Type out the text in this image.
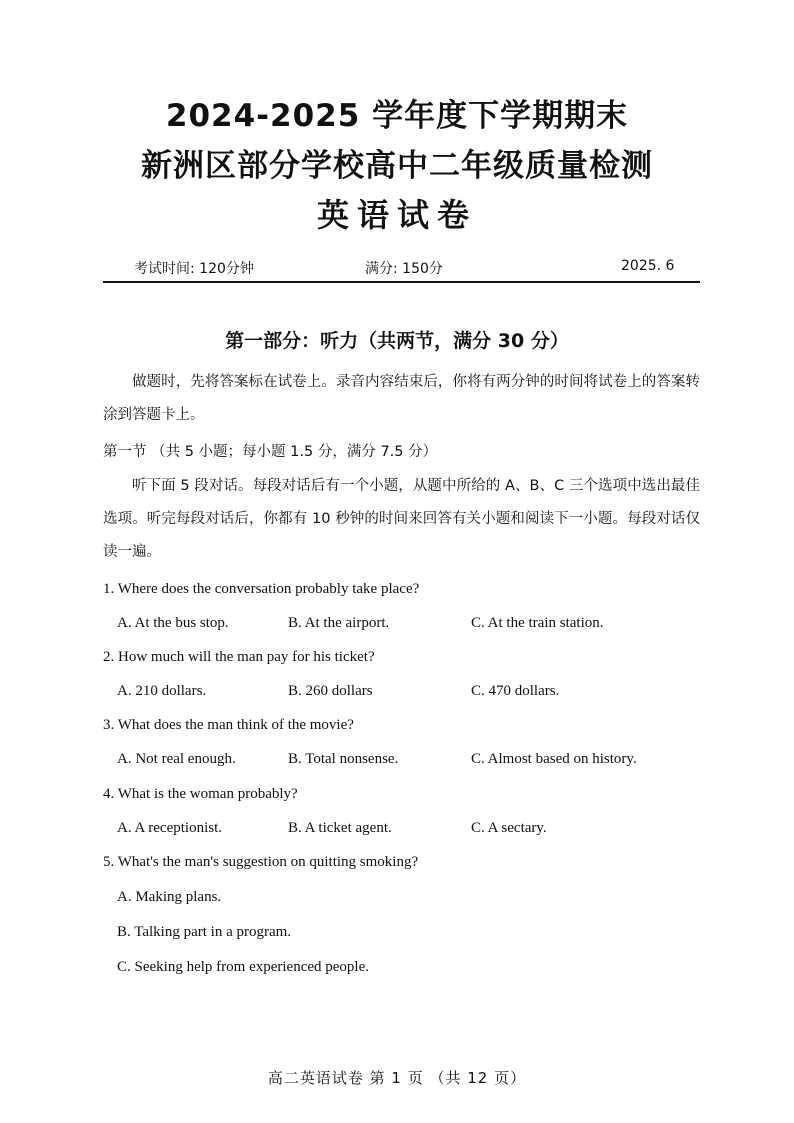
2024-2025 学年度下学期期末
新洲区部分学校高中二年级质量检测
英语试卷
考试时间: 120分钟	满分: 150分	2025. 6
第一部分：听力（共两节，满分 30 分）
做题时，先将答案标在试卷上。录音内容结束后，你将有两分钟的时间将试卷上的答案转涂到答题卡上。
第一节 （共 5 小题；每小题 1.5 分，满分 7.5 分）
听下面 5 段对话。每段对话后有一个小题，从题中所给的 A、B、C 三个选项中选出最佳选项。听完每段对话后，你都有 10 秒钟的时间来回答有关小题和阅读下一小题。每段对话仅读一遍。
1. Where does the conversation probably take place?
A. At the bus stop.	B. At the airport.	C. At the train station.
2. How much will the man pay for his ticket?
A. 210 dollars.	B. 260 dollars	C. 470 dollars.
3. What does the man think of the movie?
A. Not real enough.	B. Total nonsense.	C. Almost based on history.
4. What is the woman probably?
A. A receptionist.	B. A ticket agent.	C. A sectary.
5. What's the man's suggestion on quitting smoking?
A. Making plans.
B. Talking part in a program.
C. Seeking help from experienced people.
高二英语试卷 第 1 页 （共 12 页）
